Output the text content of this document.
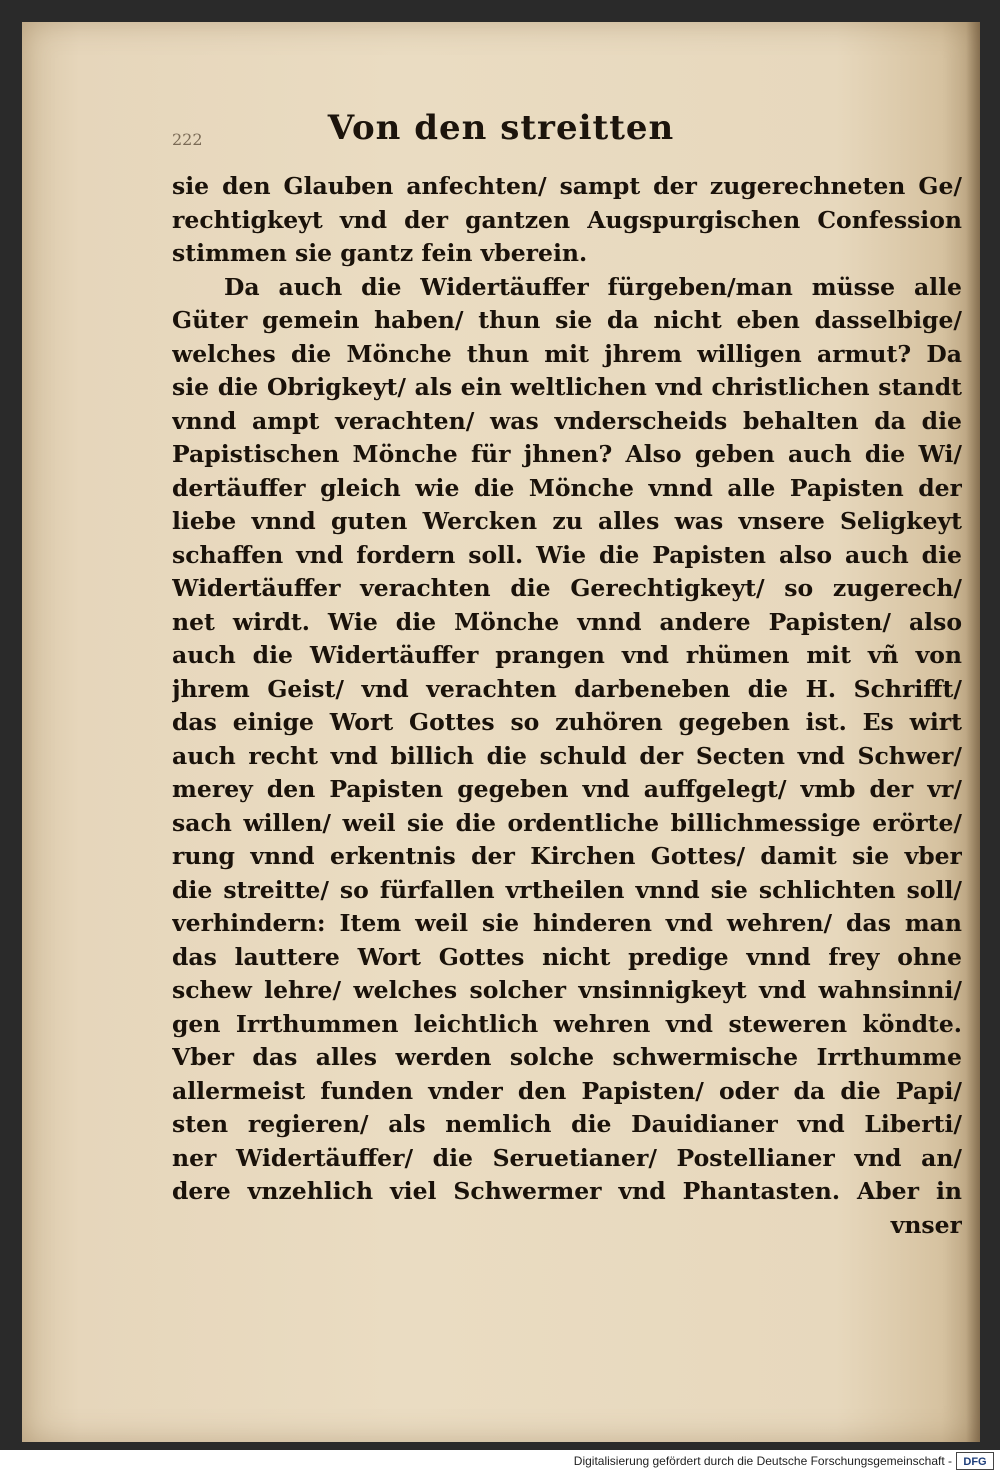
222	Von den streitten
sie den Glauben anfechten/ sampt der zugerechneten Ge/
rechtigkeyt vnd der gantzen Augspurgischen Confession
stimmen sie gantz fein vberein.
Da auch die Widertäuffer fürgeben/man müsse alle
Güter gemein haben/ thun sie da nicht eben dasselbige/
welches die Mönche thun mit jhrem willigen armut? Da
sie die Obrigkeyt/ als ein weltlichen vnd christlichen standt
vnnd ampt verachten/ was vnderscheids behalten da die
Papistischen Mönche für jhnen? Also geben auch die Wi/
dertäuffer gleich wie die Mönche vnnd alle Papisten der
liebe vnnd guten Wercken zu alles was vnsere Seligkeyt
schaffen vnd fordern soll. Wie die Papisten also auch die
Widertäuffer verachten die Gerechtigkeyt/ so zugerech/
net wirdt. Wie die Mönche vnnd andere Papisten/ also
auch die Widertäuffer prangen vnd rhümen mit vñ von
jhrem Geist/ vnd verachten darbeneben die H. Schrifft/
das einige Wort Gottes so zuhören gegeben ist. Es wirt
auch recht vnd billich die schuld der Secten vnd Schwer/
merey den Papisten gegeben vnd auffgelegt/ vmb der vr/
sach willen/ weil sie die ordentliche billichmessige erörte/
rung vnnd erkentnis der Kirchen Gottes/ damit sie vber
die streitte/ so fürfallen vrtheilen vnnd sie schlichten soll/
verhindern: Item weil sie hinderen vnd wehren/ das man
das lauttere Wort Gottes nicht predige vnnd frey ohne
schew lehre/ welches solcher vnsinnigkeyt vnd wahnsinni/
gen Irrthummen leichtlich wehren vnd steweren köndte.
Vber das alles werden solche schwermische Irrthumme
allermeist funden vnder den Papisten/ oder da die Papi/
sten regieren/ als nemlich die Dauidianer vnd Liberti/
ner Widertäuffer/ die Seruetianer/ Postellianer vnd an/
dere vnzehlich viel Schwermer vnd Phantasten. Aber in
vnser
Digitalisierung gefördert durch die Deutsche Forschungsgemeinschaft -	DFG
